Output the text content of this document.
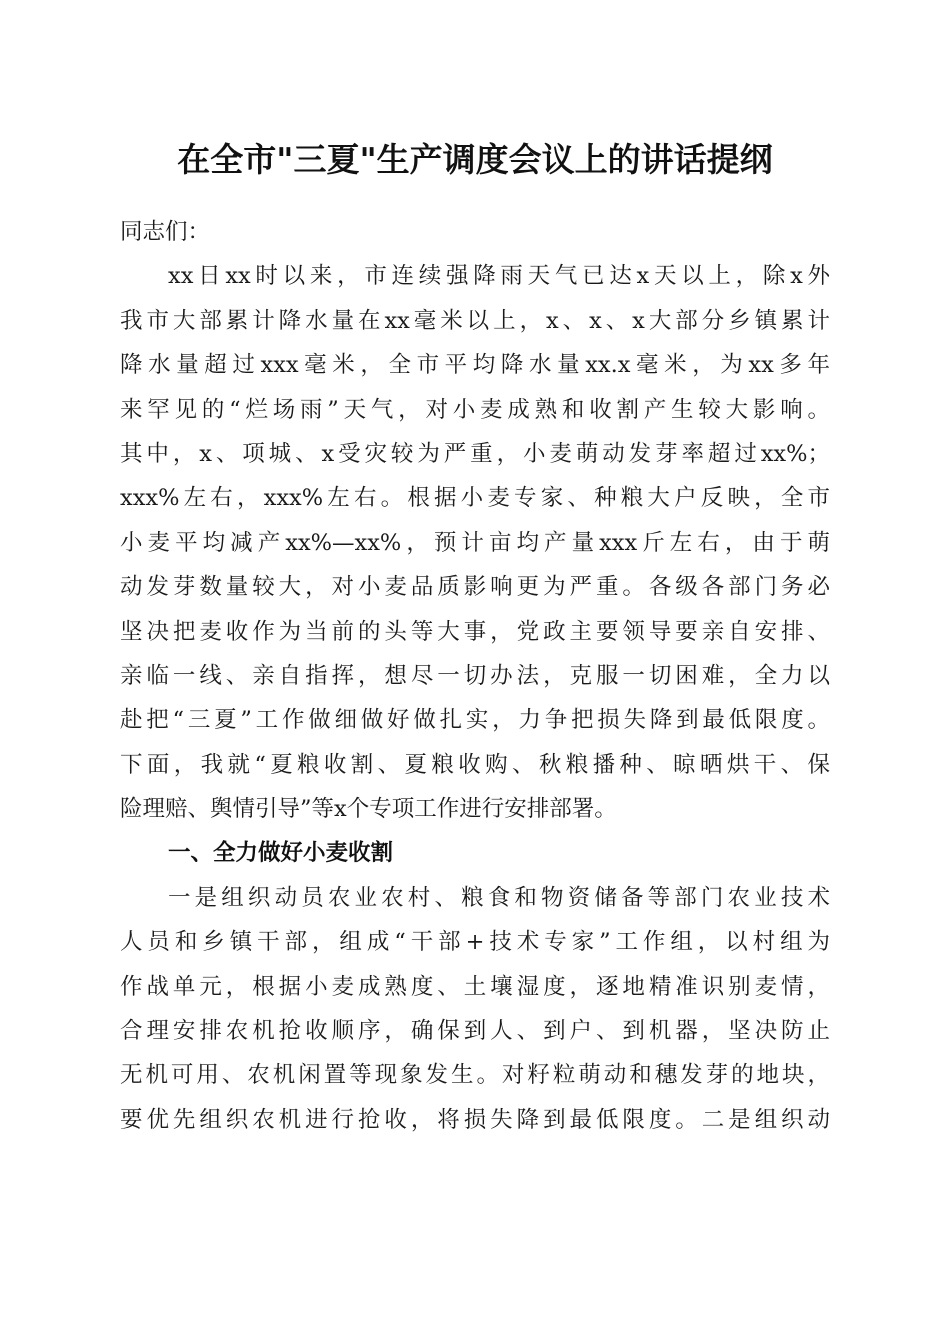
在全市"三夏"生产调度会议上的讲话提纲
同志们：
xx日xx时以来，市连续强降雨天气已达x天以上，除x外
我市大部累计降水量在xx毫米以上，x、x、x大部分乡镇累计
降水量超过xxx毫米，全市平均降水量xx.x毫米，为xx多年
来罕见的“烂场雨”天气，对小麦成熟和收割产生较大影响。
其中，x、项城、x受灾较为严重，小麦萌动发芽率超过xx%；
xxx%左右，xxx%左右。根据小麦专家、种粮大户反映，全市
小麦平均减产xx%—xx%，预计亩均产量xxx斤左右，由于萌
动发芽数量较大，对小麦品质影响更为严重。各级各部门务必
坚决把麦收作为当前的头等大事，党政主要领导要亲自安排、
亲临一线、亲自指挥，想尽一切办法，克服一切困难，全力以
赴把“三夏”工作做细做好做扎实，力争把损失降到最低限度。
下面，我就“夏粮收割、夏粮收购、秋粮播种、晾晒烘干、保
险理赔、舆情引导”等x个专项工作进行安排部署。
一、全力做好小麦收割
一是组织动员农业农村、粮食和物资储备等部门农业技术
人员和乡镇干部，组成“干部+技术专家”工作组，以村组为
作战单元，根据小麦成熟度、土壤湿度，逐地精准识别麦情，
合理安排农机抢收顺序，确保到人、到户、到机器，坚决防止
无机可用、农机闲置等现象发生。对籽粒萌动和穗发芽的地块，
要优先组织农机进行抢收，将损失降到最低限度。二是组织动
